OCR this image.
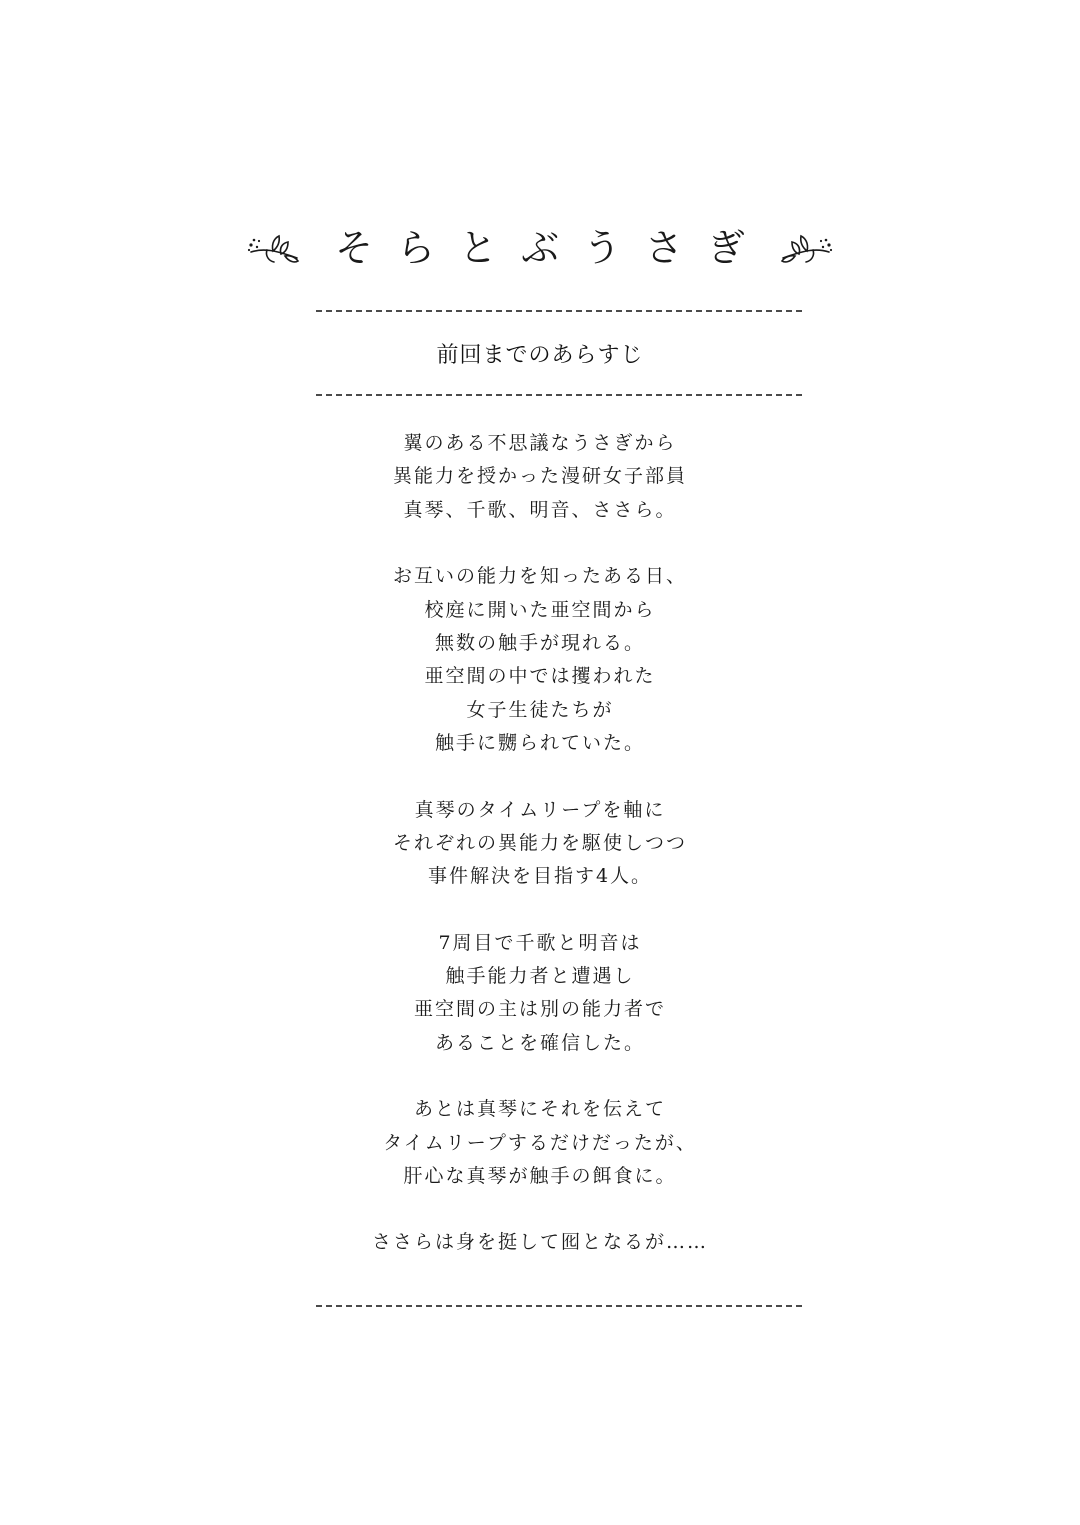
そらとぶうさぎ
前回までのあらすじ
翼のある不思議なうさぎから
異能力を授かった漫研女子部員
真琴、千歌、明音、ささら。
お互いの能力を知ったある日、
校庭に開いた亜空間から
無数の触手が現れる。
亜空間の中では攫われた
女子生徒たちが
触手に嬲られていた。
真琴のタイムリープを軸に
それぞれの異能力を駆使しつつ
事件解決を目指す4人。
7周目で千歌と明音は
触手能力者と遭遇し
亜空間の主は別の能力者で
あることを確信した。
あとは真琴にそれを伝えて
タイムリープするだけだったが、
肝心な真琴が触手の餌食に。
ささらは身を挺して囮となるが……
